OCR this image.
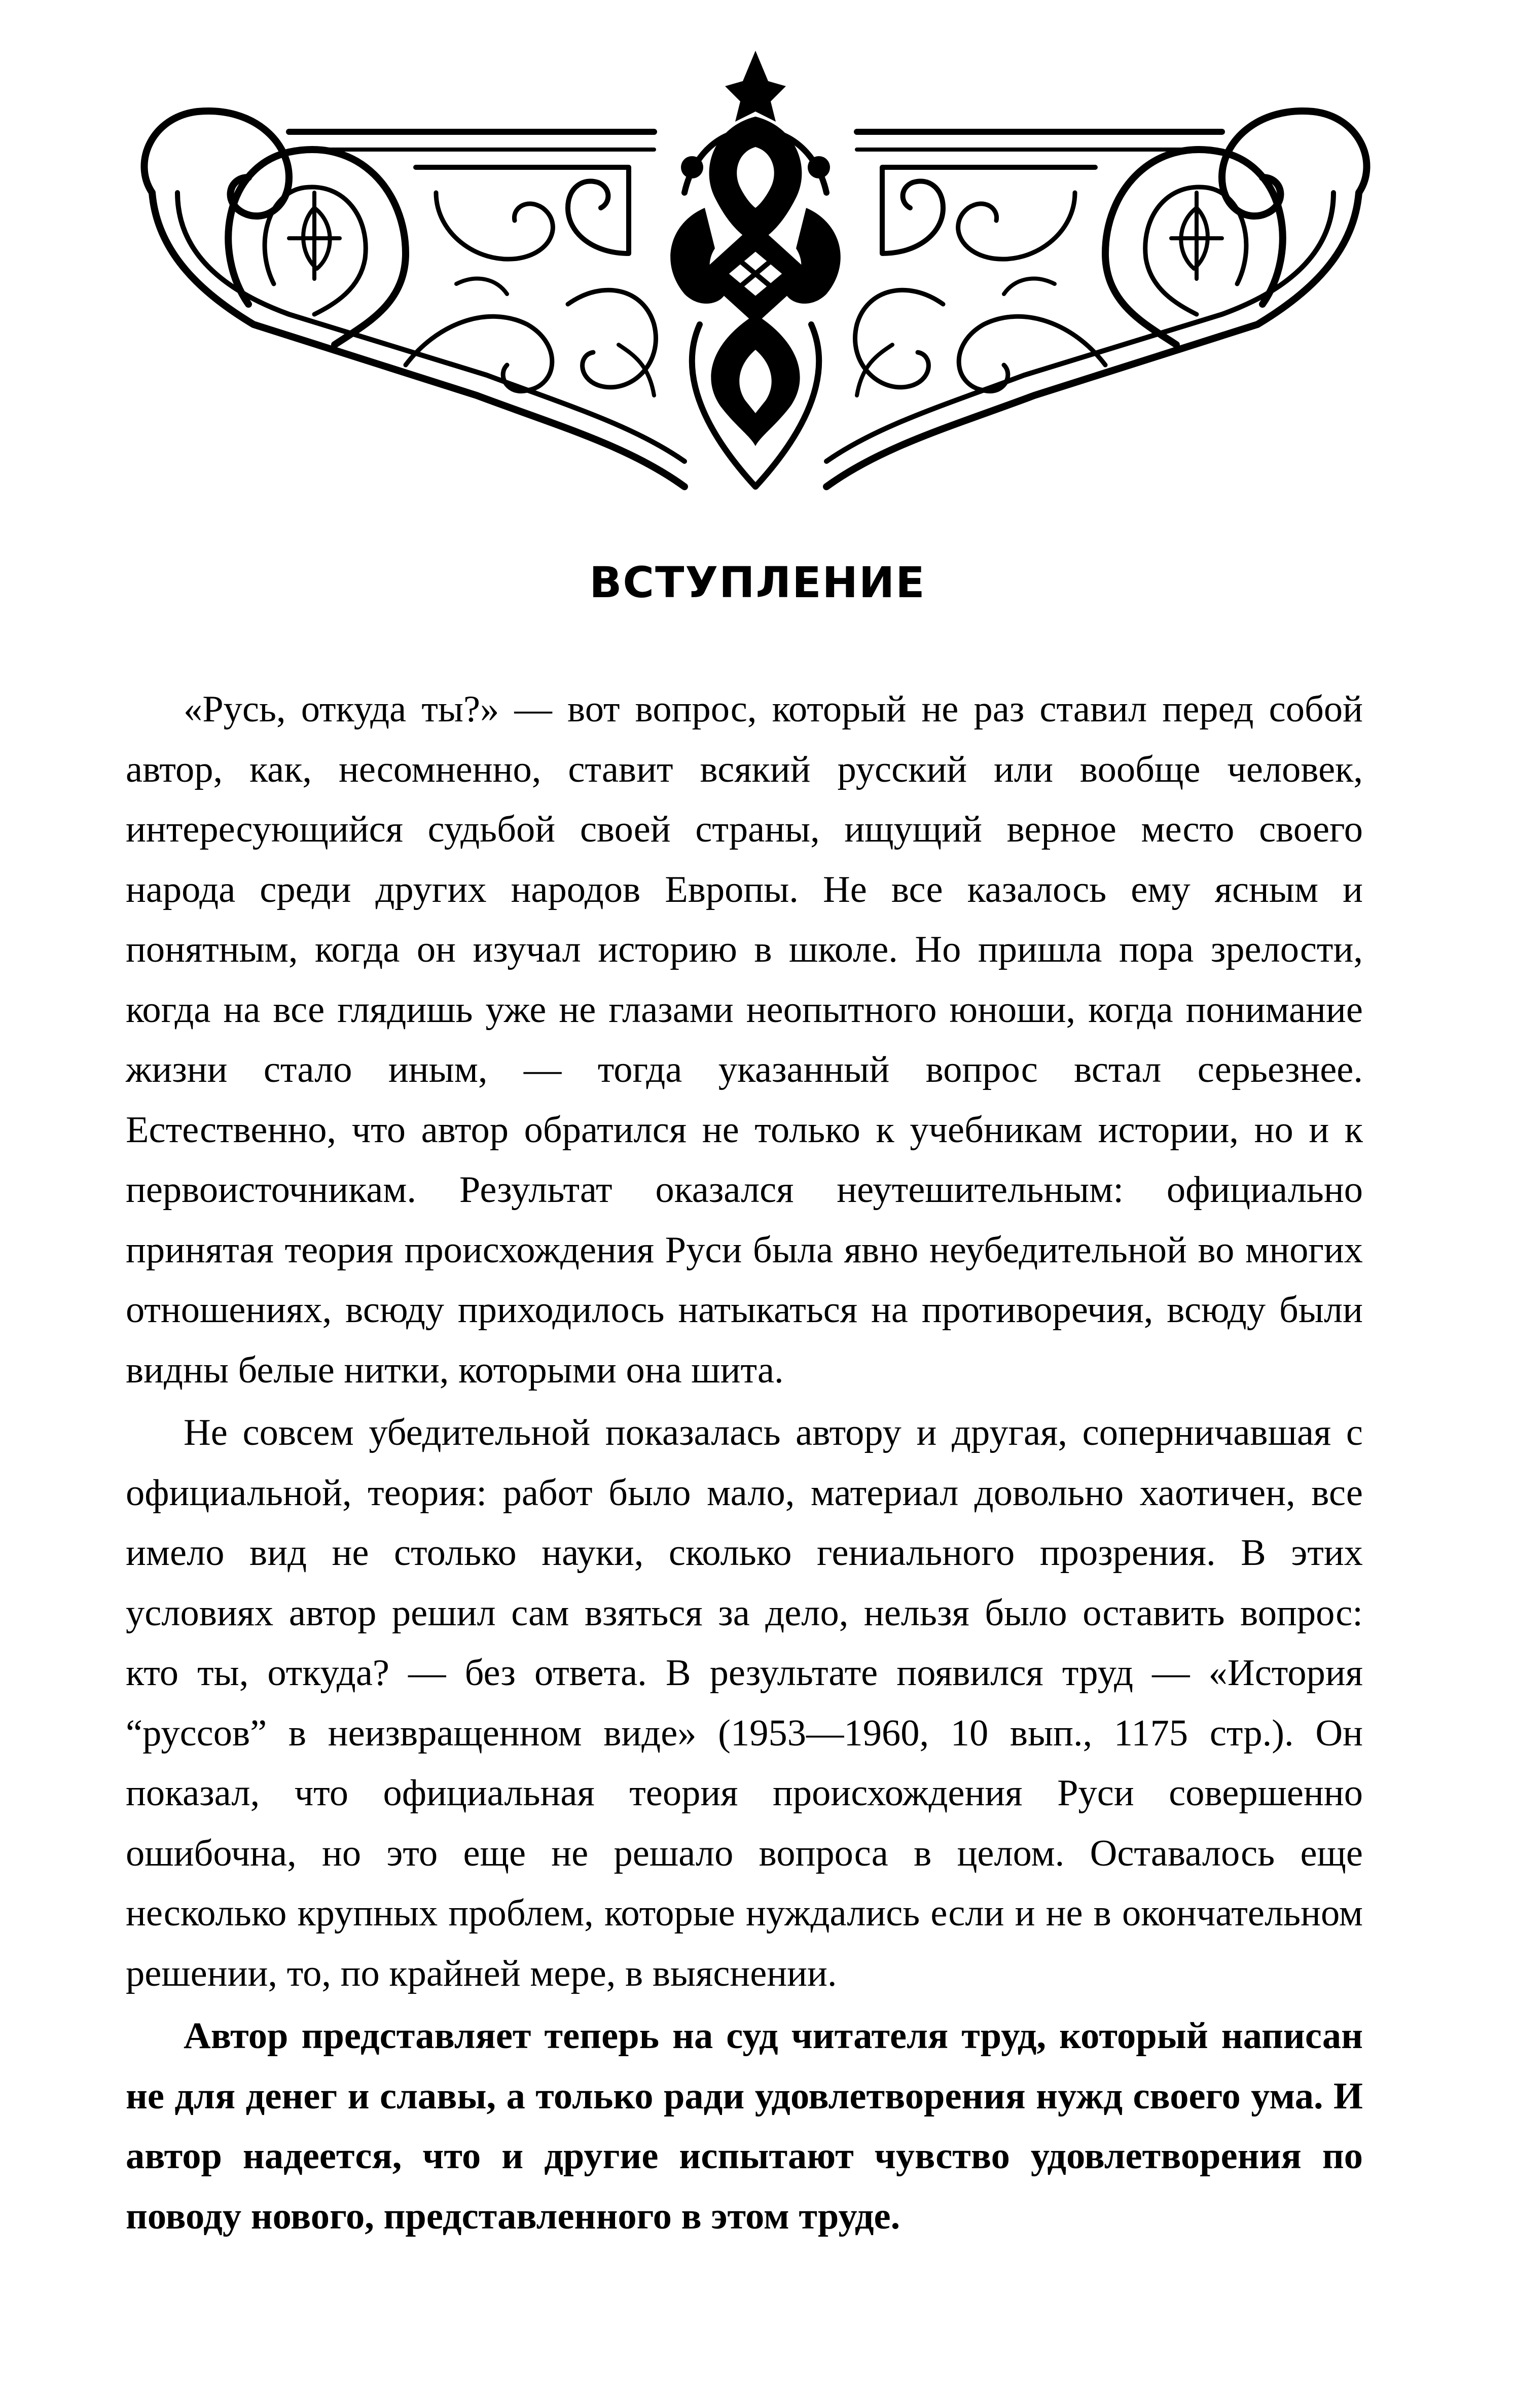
ВСТУПЛЕНИЕ

«Русь, откуда ты?» — вот вопрос, который не раз ставил перед собой автор, как, несомненно, ставит всякий русский или вообще человек, интересующийся судьбой своей страны, ищущий верное место своего народа среди других народов Европы. Не все казалось ему ясным и понятным, когда он изучал историю в школе. Но пришла пора зрелости, когда на все глядишь уже не глазами неопытного юноши, когда понимание жизни стало иным, — тогда указанный вопрос встал серьезнее. Естественно, что автор обратился не только к учебникам истории, но и к первоисточникам. Результат оказался неутешительным: официально принятая теория происхождения Руси была явно неубедительной во многих отношениях, всюду приходилось натыкаться на противоречия, всюду были видны белые нитки, которыми она шита.

Не совсем убедительной показалась автору и другая, соперничавшая с официальной, теория: работ было мало, материал довольно хаотичен, все имело вид не столько науки, сколько гениального прозрения. В этих условиях автор решил сам взяться за дело, нельзя было оставить вопрос: кто ты, откуда? — без ответа. В результате появился труд — «История “руссов” в неизвращенном виде» (1953—1960, 10 вып., 1175 стр.). Он показал, что официальная теория происхождения Руси совершенно ошибочна, но это еще не решало вопроса в целом. Оставалось еще несколько крупных проблем, которые нуждались если и не в окончательном решении, то, по крайней мере, в выяснении.

Автор представляет теперь на суд читателя труд, который написан не для денег и славы, а только ради удовлетворения нужд своего ума. И автор надеется, что и другие испытают чувство удовлетворения по поводу нового, представленного в этом труде.
